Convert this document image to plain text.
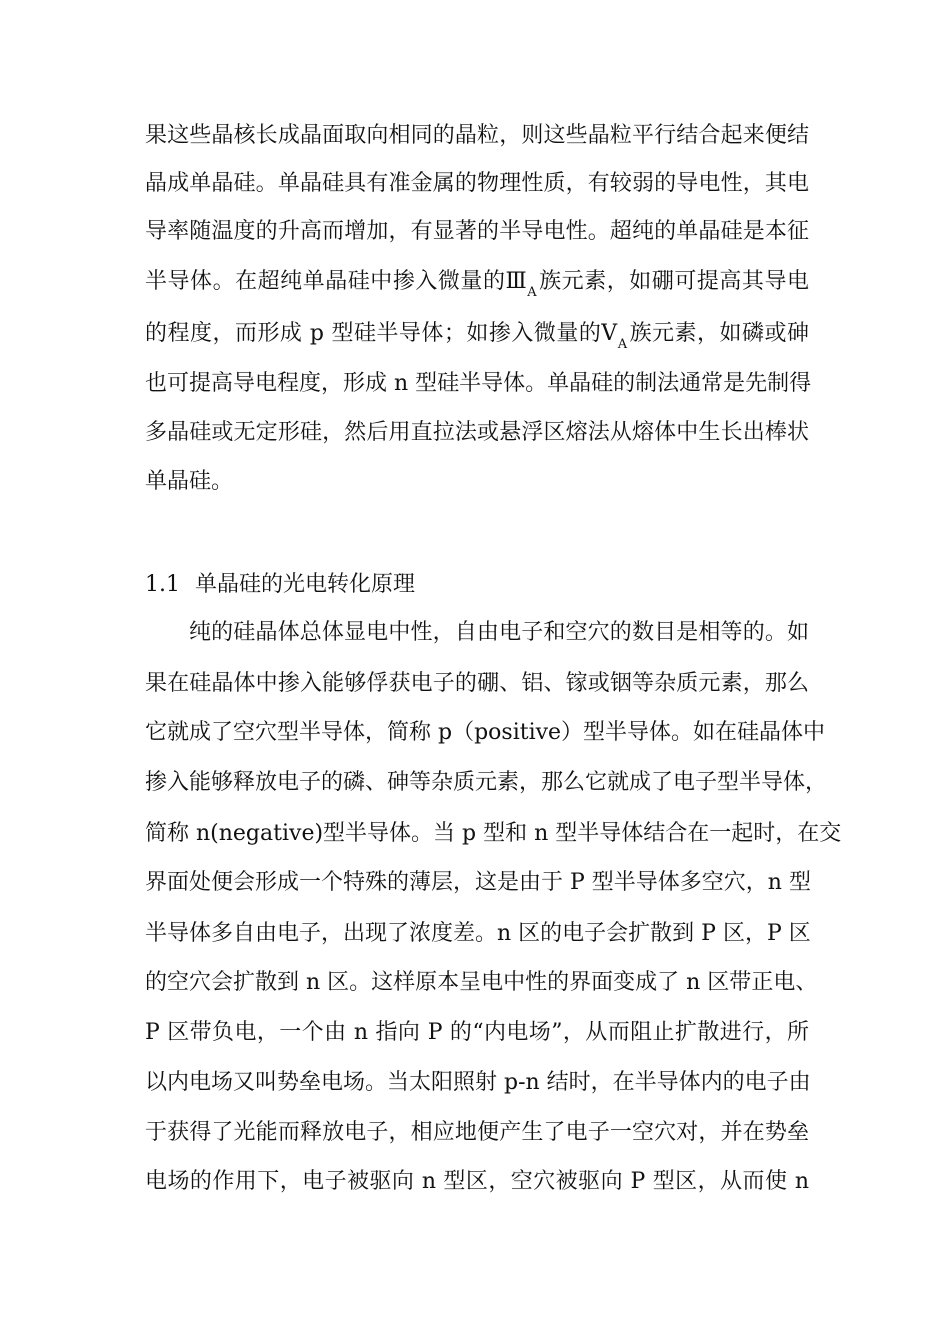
果这些晶核长成晶面取向相同的晶粒，则这些晶粒平行结合起来便结
晶成单晶硅。单晶硅具有准金属的物理性质，有较弱的导电性，其电
导率随温度的升高而增加，有显著的半导电性。超纯的单晶硅是本征
半导体。在超纯单晶硅中掺入微量的$Ⅲ_A$族元素，如硼可提高其导电
的程度，而形成 p 型硅半导体；如掺入微量的$Ⅴ_A$族元素，如磷或砷
也可提高导电程度，形成 n 型硅半导体。单晶硅的制法通常是先制得
多晶硅或无定形硅，然后用直拉法或悬浮区熔法从熔体中生长出棒状
单晶硅。
1.1 单晶硅的光电转化原理
纯的硅晶体总体显电中性，自由电子和空穴的数目是相等的。如
果在硅晶体中掺入能够俘获电子的硼、铝、镓或铟等杂质元素，那么
它就成了空穴型半导体，简称 p（positive）型半导体。如在硅晶体中
掺入能够释放电子的磷、砷等杂质元素，那么它就成了电子型半导体，
简称 n(negative)型半导体。当 p 型和 n 型半导体结合在一起时，在交
界面处便会形成一个特殊的薄层，这是由于 P 型半导体多空穴，n 型
半导体多自由电子，出现了浓度差。n 区的电子会扩散到 P 区，P 区
的空穴会扩散到 n 区。这样原本呈电中性的界面变成了 n 区带正电、
P 区带负电，一个由 n 指向 P 的“内电场”，从而阻止扩散进行，所
以内电场又叫势垒电场。当太阳照射 p-n 结时，在半导体内的电子由
于获得了光能而释放电子，相应地便产生了电子一空穴对，并在势垒
电场的作用下，电子被驱向 n 型区，空穴被驱向 P 型区，从而使 n
